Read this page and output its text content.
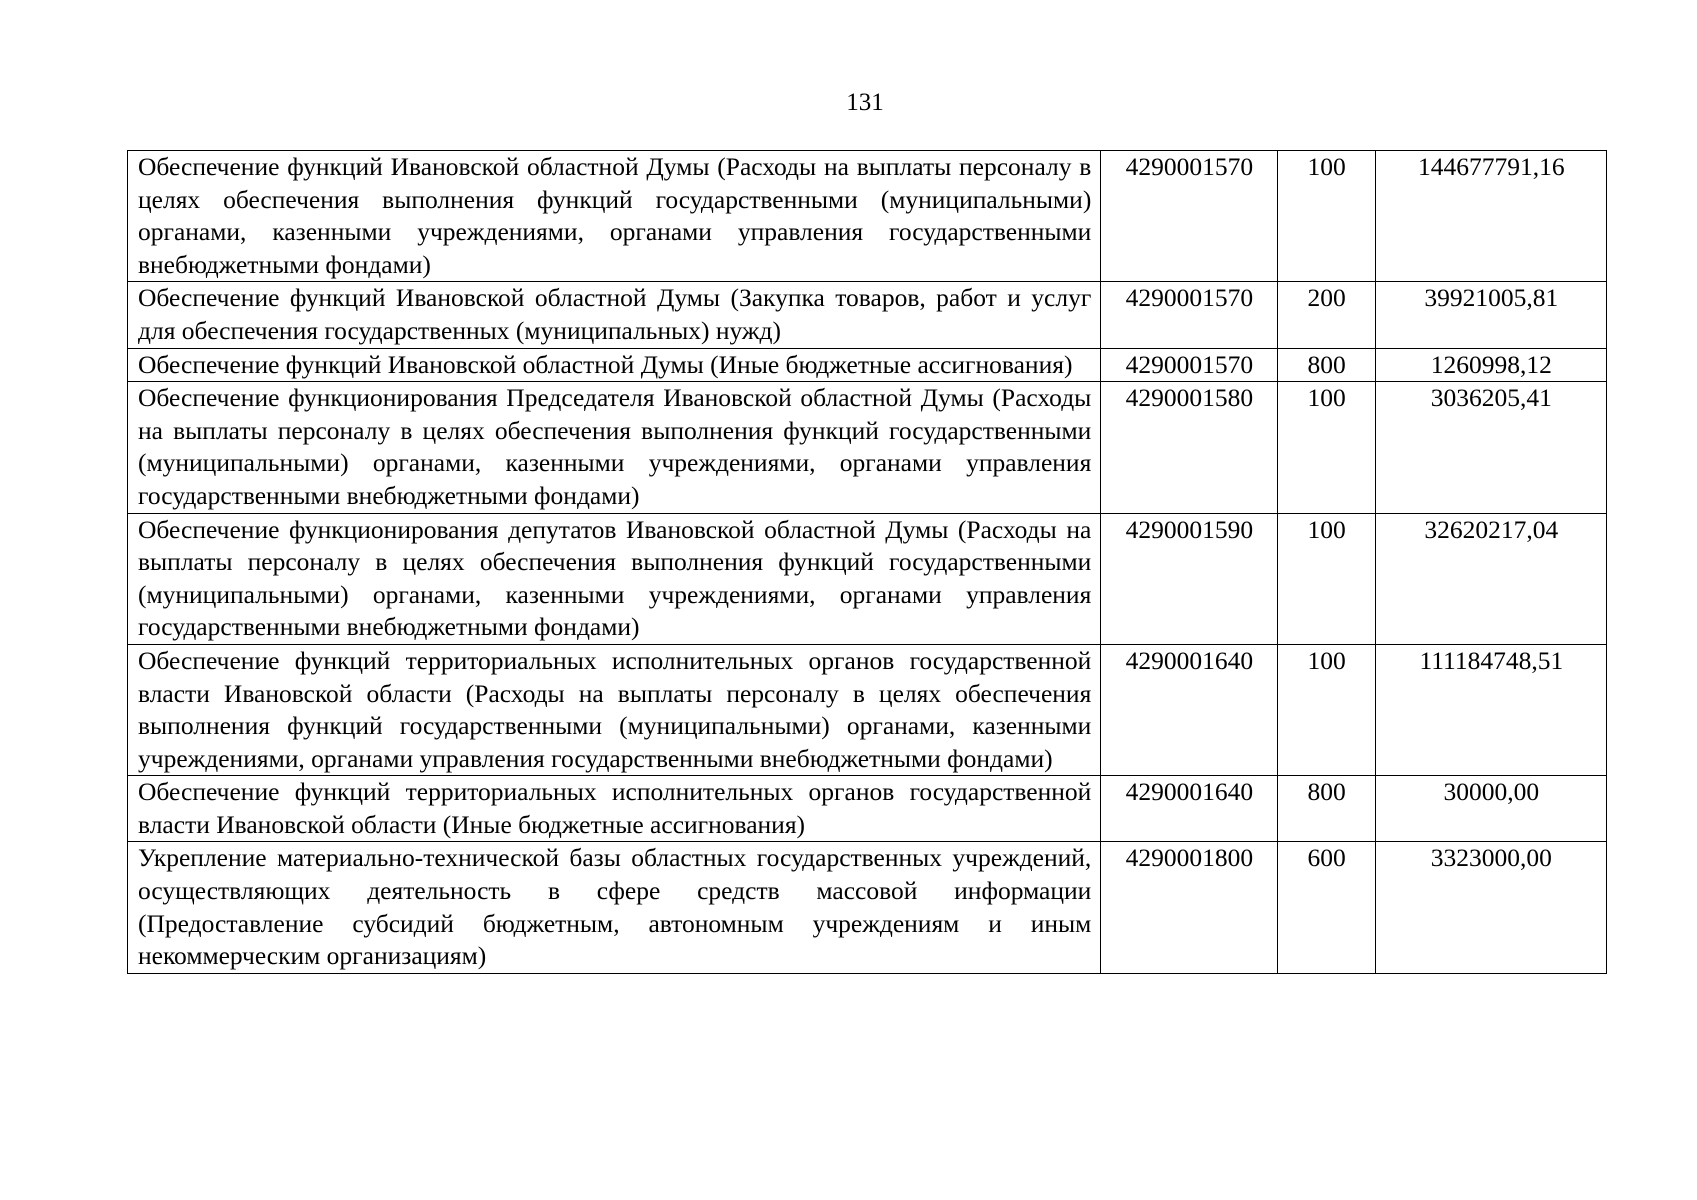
131
Обеспечение функций Ивановской областной Думы (Расходы на выплаты персоналу в целях обеспечения выполнения функций государственными (муниципальными) органами, казенными учреждениями, органами управления государственными внебюджетными фондами)	4290001570	100	144677791,16
Обеспечение функций Ивановской областной Думы (Закупка товаров, работ и услуг для обеспечения государственных (муниципальных) нужд)	4290001570	200	39921005,81
Обеспечение функций Ивановской областной Думы (Иные бюджетные ассигнования)	4290001570	800	1260998,12
Обеспечение функционирования Председателя Ивановской областной Думы (Расходы на выплаты персоналу в целях обеспечения выполнения функций государственными (муниципальными) органами, казенными учреждениями, органами управления государственными внебюджетными фондами)	4290001580	100	3036205,41
Обеспечение функционирования депутатов Ивановской областной Думы (Расходы на выплаты персоналу в целях обеспечения выполнения функций государственными (муниципальными) органами, казенными учреждениями, органами управления государственными внебюджетными фондами)	4290001590	100	32620217,04
Обеспечение функций территориальных исполнительных органов государственной власти Ивановской области (Расходы на выплаты персоналу в целях обеспечения выполнения функций государственными (муниципальными) органами, казенными учреждениями, органами управления государственными внебюджетными фондами)	4290001640	100	111184748,51
Обеспечение функций территориальных исполнительных органов государственной власти Ивановской области (Иные бюджетные ассигнования)	4290001640	800	30000,00
Укрепление материально-технической базы областных государственных учреждений, осуществляющих деятельность в сфере средств массовой информации (Предоставление субсидий бюджетным, автономным учреждениям и иным некоммерческим организациям)	4290001800	600	3323000,00
